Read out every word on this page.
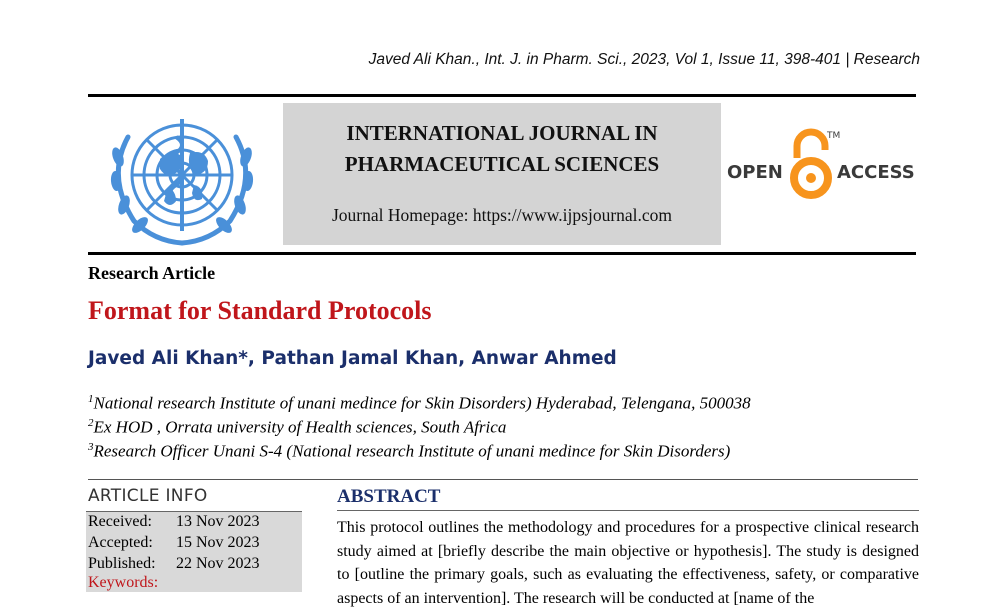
Javed Ali Khan., Int. J. in Pharm. Sci., 2023, Vol 1, Issue 11, 398-401 | Research
INTERNATIONAL JOURNAL IN
PHARMACEUTICAL SCIENCES
Journal Homepage: https://www.ijpsjournal.com
OPEN
TM
ACCESS
Research Article
Format for Standard Protocols
Javed Ali Khan*, Pathan Jamal Khan, Anwar Ahmed
$^1$National research Institute of unani medince for Skin Disorders) Hyderabad, Telengana, 500038
$^2$Ex HOD , Orrata university of Health sciences, South Africa
$^3$Research Officer Unani S-4 (National research Institute of unani medince for Skin Disorders)
ARTICLE INFO
Received: 13 Nov 2023
Accepted: 15 Nov 2023
Published: 22 Nov 2023
Keywords:
ABSTRACT
This protocol outlines the methodology and procedures for a prospective clinical research study aimed at [briefly describe the main objective or hypothesis]. The study is designed to [outline the primary goals, such as evaluating the effectiveness, safety, or comparative aspects of an intervention]. The research will be conducted at [name of the
